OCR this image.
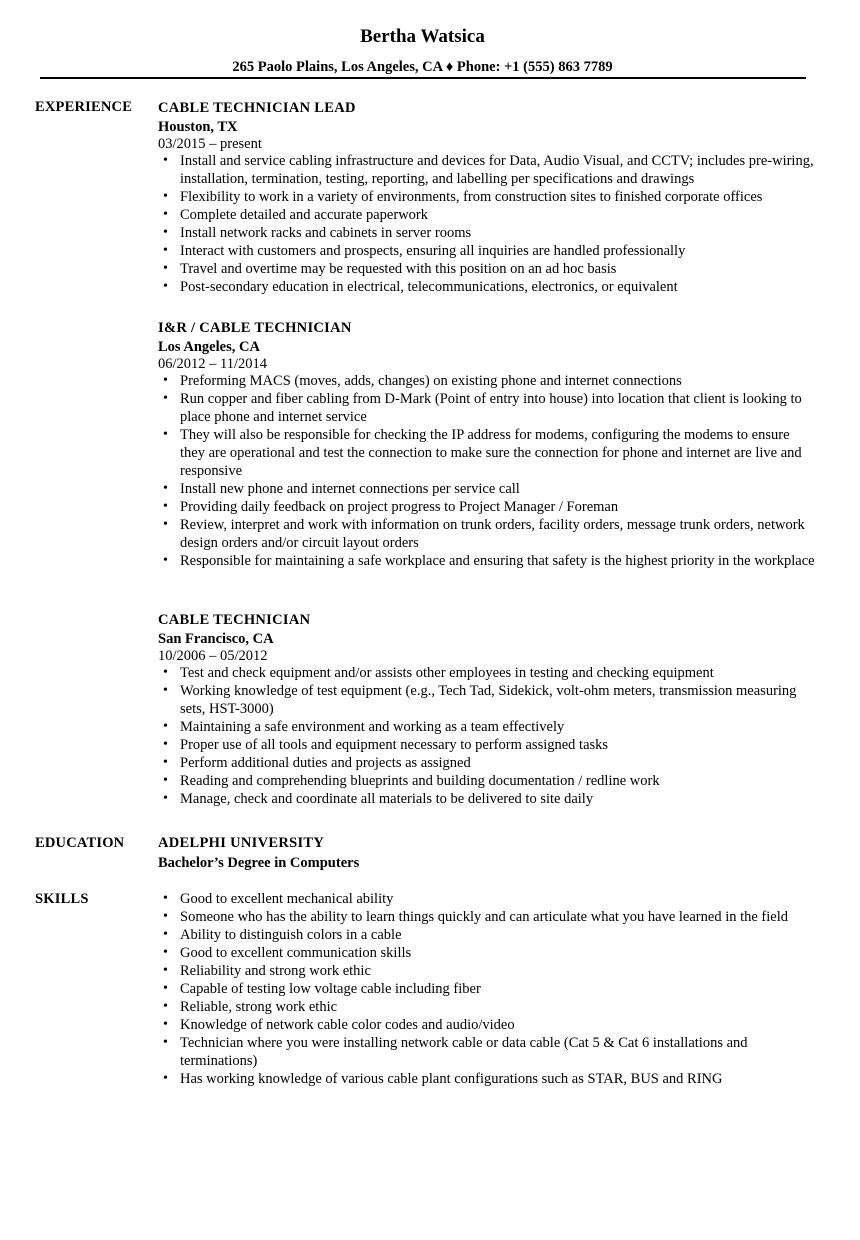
Bertha Watsica
265 Paolo Plains, Los Angeles, CA ♦ Phone: +1 (555) 863 7789
EXPERIENCE CABLE TECHNICIAN LEAD
Houston, TX
03/2015 – present
• Install and service cabling infrastructure and devices for Data, Audio Visual, and CCTV; includes pre-wiring, installation, termination, testing, reporting, and labelling per specifications and drawings
• Flexibility to work in a variety of environments, from construction sites to finished corporate offices
• Complete detailed and accurate paperwork
• Install network racks and cabinets in server rooms
• Interact with customers and prospects, ensuring all inquiries are handled professionally
• Travel and overtime may be requested with this position on an ad hoc basis
• Post-secondary education in electrical, telecommunications, electronics, or equivalent
I&R / CABLE TECHNICIAN
Los Angeles, CA
06/2012 – 11/2014
• Preforming MACS (moves, adds, changes) on existing phone and internet connections
• Run copper and fiber cabling from D-Mark (Point of entry into house) into location that client is looking to place phone and internet service
• They will also be responsible for checking the IP address for modems, configuring the modems to ensure they are operational and test the connection to make sure the connection for phone and internet are live and responsive
• Install new phone and internet connections per service call
• Providing daily feedback on project progress to Project Manager / Foreman
• Review, interpret and work with information on trunk orders, facility orders, message trunk orders, network design orders and/or circuit layout orders
• Responsible for maintaining a safe workplace and ensuring that safety is the highest priority in the workplace
CABLE TECHNICIAN
San Francisco, CA
10/2006 – 05/2012
• Test and check equipment and/or assists other employees in testing and checking equipment
• Working knowledge of test equipment (e.g., Tech Tad, Sidekick, volt-ohm meters, transmission measuring sets, HST-3000)
• Maintaining a safe environment and working as a team effectively
• Proper use of all tools and equipment necessary to perform assigned tasks
• Perform additional duties and projects as assigned
• Reading and comprehending blueprints and building documentation / redline work
• Manage, check and coordinate all materials to be delivered to site daily
EDUCATION ADELPHI UNIVERSITY
Bachelor’s Degree in Computers
SKILLS
•	Good to excellent mechanical ability
• Someone who has the ability to learn things quickly and can articulate what you have learned in the field
• Ability to distinguish colors in a cable
• Good to excellent communication skills
• Reliability and strong work ethic
• Capable of testing low voltage cable including fiber
• Reliable, strong work ethic
• Knowledge of network cable color codes and audio/video
• Technician where you were installing network cable or data cable (Cat 5 & Cat 6 installations and terminations)
• Has working knowledge of various cable plant configurations such as STAR, BUS and RING
